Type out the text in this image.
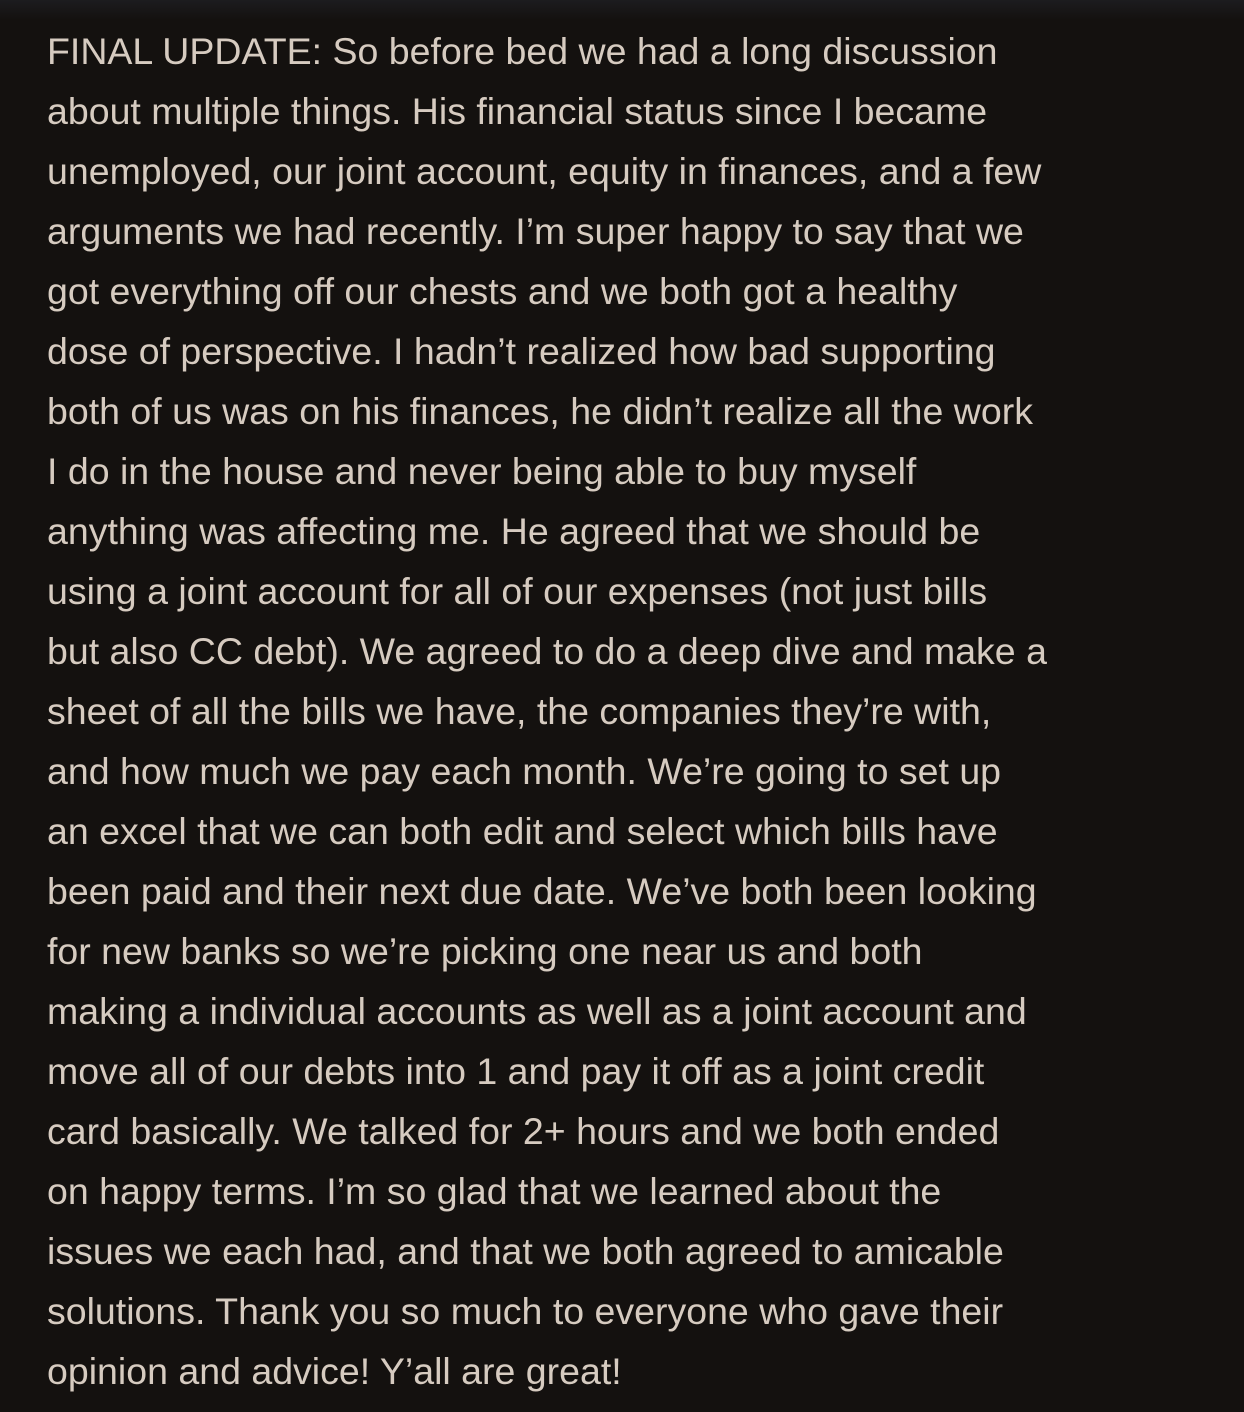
FINAL UPDATE: So before bed we had a long discussion
about multiple things. His financial status since I became
unemployed, our joint account, equity in finances, and a few
arguments we had recently. I’m super happy to say that we
got everything off our chests and we both got a healthy
dose of perspective. I hadn’t realized how bad supporting
both of us was on his finances, he didn’t realize all the work
I do in the house and never being able to buy myself
anything was affecting me. He agreed that we should be
using a joint account for all of our expenses (not just bills
but also CC debt). We agreed to do a deep dive and make a
sheet of all the bills we have, the companies they’re with,
and how much we pay each month. We’re going to set up
an excel that we can both edit and select which bills have
been paid and their next due date. We’ve both been looking
for new banks so we’re picking one near us and both
making a individual accounts as well as a joint account and
move all of our debts into 1 and pay it off as a joint credit
card basically. We talked for 2+ hours and we both ended
on happy terms. I’m so glad that we learned about the
issues we each had, and that we both agreed to amicable
solutions. Thank you so much to everyone who gave their
opinion and advice! Y’all are great!
